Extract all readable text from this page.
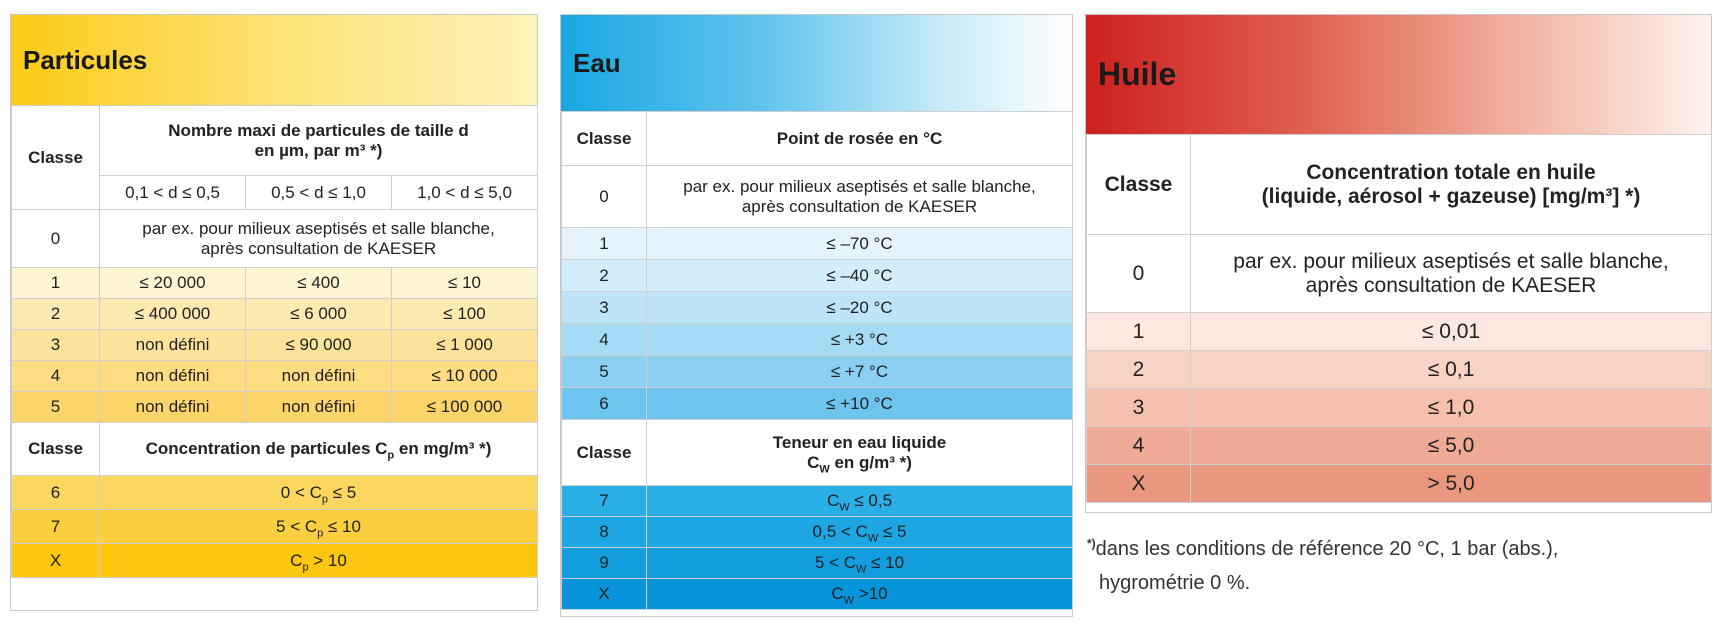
Particules
Classe	Nombre maxi de particules de taille d
en µm, par m³ *)		
	0,1 < d ≤ 0,5	0,5 < d ≤ 1,0	1,0 < d ≤ 5,0
0	par ex. pour milieux aseptisés et salle blanche,
après consultation de KAESER		
1	≤ 20 000	≤ 400	≤ 10
2	≤ 400 000	≤ 6 000	≤ 100
3	non défini	≤ 90 000	≤ 1 000
4	non défini	non défini	≤ 10 000
5	non défini	non défini	≤ 100 000
Classe	Concentration de particules $C_p$ en mg/m³ *)		
6	$0 < C_p \le 5$		
7	$5 < C_p \le 10$		
X	$C_p > 10$		
Eau
Classe	Point de rosée en °C
0	par ex. pour milieux aseptisés et salle blanche,
après consultation de KAESER
1	≤ –70 °C
2	≤ –40 °C
3	≤ –20 °C
4	≤ +3 °C
5	≤ +7 °C
6	≤ +10 °C
Classe	Teneur en eau liquide
$C_W$ en g/m³ *)
7	$C_W \le 0,5$
8	$0,5 < C_W \le 5$
9	$5 < C_W \le 10$
X	$C_W >10$
Huile
Classe	Concentration totale en huile
(liquide, aérosol + gazeuse) [mg/m³] *)
0	par ex. pour milieux aseptisés et salle blanche,
après consultation de KAESER
1	≤ 0,01
2	≤ 0,1
3	≤ 1,0
4	≤ 5,0
X	> 5,0
*)dans les conditions de référence 20 °C, 1 bar (abs.),
hygrométrie 0 %.
